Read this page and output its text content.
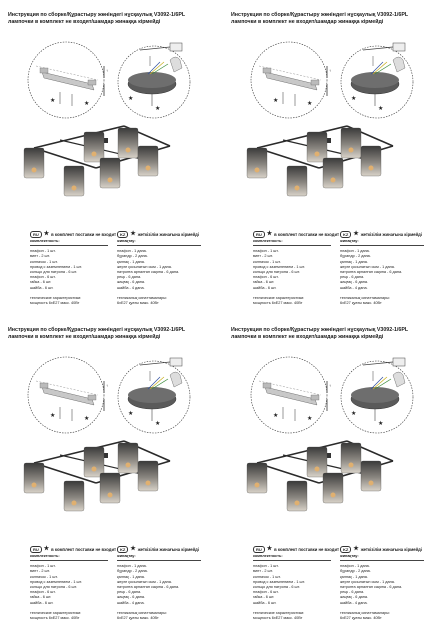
Инструкция по сборке/Құрастыру жөніндегі нұсқаулық V3092-1/6PL
лампочки в комплект не входят/шамдар жинаққа кірмейді
★	★
↑
★
★
RU ★ в комплект поставки не входит KZ ★ жеткізілім жинағына кірмейді
комплектность:
плафон - 1 шт.
винт - 2 шт.
колпачок - 1 шт.
провод с заземлением - 1 шт.
кольцо для патрона - 6 шт.
плафон - 6 шт.
гайка - 6 шт.
шайба - 6 шт.
технические характеристики:
мощность 6хЕ27 макс. 40Вт
жинақтау:
плафон - 1 дана.
бұрандр - 2 дана.
қалпақ - 1 дана.
жерге қосылатын сым - 1 дана.
патронға арналған сақина - 6 дана.
реңк - 6 дана.
жаңғақ - 6 дана.
шайба - 4 дана.
техникалық сипаттамалары:
6хЕ27 қуаты макс. 40Вт
Инструкция по сборке/Құрастыру жөніндегі нұсқаулық V3092-1/6PL
лампочки в комплект не входят/шамдар жинаққа кірмейді
★	★
↑
★
★
RU ★ в комплект поставки не входит KZ ★ жеткізілім жинағына кірмейді
комплектность:
плафон - 1 шт.
винт - 2 шт.
колпачок - 1 шт.
провод с заземлением - 1 шт.
кольцо для патрона - 6 шт.
плафон - 6 шт.
гайка - 6 шт.
шайба - 6 шт.
технические характеристики:
мощность 6хЕ27 макс. 40Вт
жинақтау:
плафон - 1 дана.
бұрандр - 2 дана.
қалпақ - 1 дана.
жерге қосылатын сым - 1 дана.
патронға арналған сақина - 6 дана.
реңк - 6 дана.
жаңғақ - 6 дана.
шайба - 4 дана.
техникалық сипаттамалары:
6хЕ27 қуаты макс. 40Вт
Инструкция по сборке/Құрастыру жөніндегі нұсқаулық V3092-1/6PL
лампочки в комплект не входят/шамдар жинаққа кірмейді
★	★
↑
★
★
RU ★ в комплект поставки не входит KZ ★ жеткізілім жинағына кірмейді
комплектность:
плафон - 1 шт.
винт - 2 шт.
колпачок - 1 шт.
провод с заземлением - 1 шт.
кольцо для патрона - 6 шт.
плафон - 6 шт.
гайка - 6 шт.
шайба - 6 шт.
технические характеристики:
мощность 6хЕ27 макс. 40Вт
жинақтау:
плафон - 1 дана.
бұрандр - 2 дана.
қалпақ - 1 дана.
жерге қосылатын сым - 1 дана.
патронға арналған сақина - 6 дана.
реңк - 6 дана.
жаңғақ - 6 дана.
шайба - 4 дана.
техникалық сипаттамалары:
6хЕ27 қуаты макс. 40Вт
Инструкция по сборке/Құрастыру жөніндегі нұсқаулық V3092-1/6PL
лампочки в комплект не входят/шамдар жинаққа кірмейді
★	★
↑
★
★
RU ★ в комплект поставки не входит KZ ★ жеткізілім жинағына кірмейді
комплектность:
плафон - 1 шт.
винт - 2 шт.
колпачок - 1 шт.
провод с заземлением - 1 шт.
кольцо для патрона - 6 шт.
плафон - 6 шт.
гайка - 6 шт.
шайба - 6 шт.
технические характеристики:
мощность 6хЕ27 макс. 40Вт
жинақтау:
плафон - 1 дана.
бұрандр - 2 дана.
қалпақ - 1 дана.
жерге қосылатын сым - 1 дана.
патронға арналған сақина - 6 дана.
реңк - 6 дана.
жаңғақ - 6 дана.
шайба - 4 дана.
техникалық сипаттамалары:
6хЕ27 қуаты макс. 40Вт
